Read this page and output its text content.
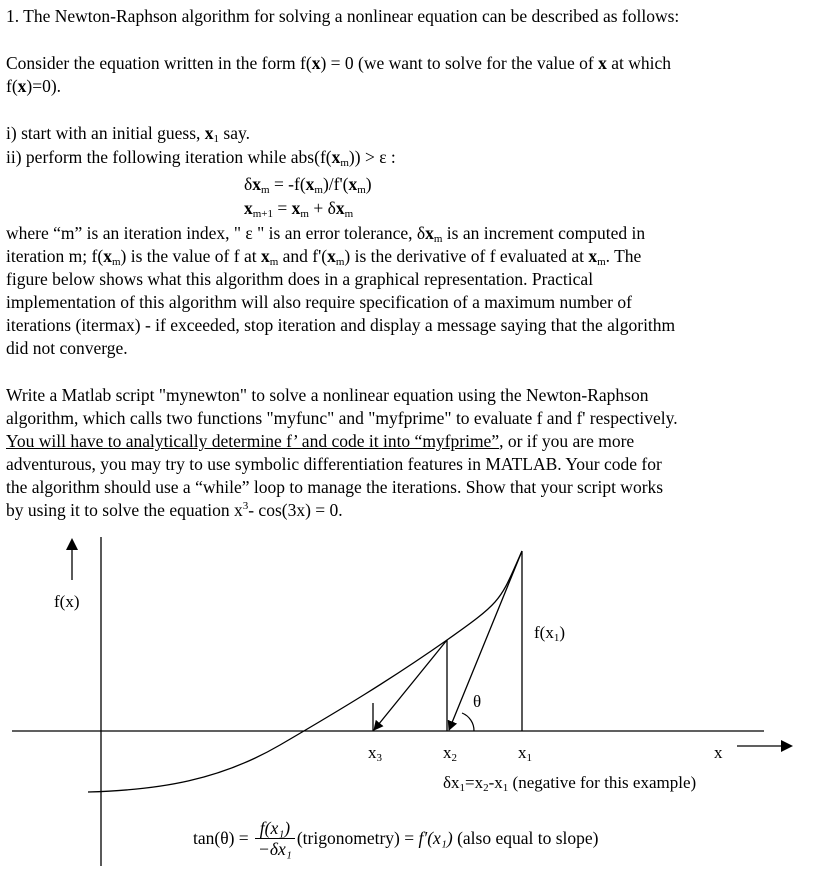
1. The Newton-Raphson algorithm for solving a nonlinear equation can be described as follows:
Consider the equation written in the form f(x) = 0 (we want to solve for the value of x at which
f(x)=0).
i) start with an initial guess, $x_1$ say.
ii) perform the following iteration while $abs(f(x_m)) > \varepsilon$ :
$\delta x_m = -f(x_m)/f'(x_m)$
$x_{m+1} = x_m + \delta x_m$
where “m” is an iteration index, " ε " is an error tolerance, $\delta x_m$ is an increment computed in
iteration m; $f(x_m)$ is the value of f at $x_m$ and $f'(x_m)$ is the derivative of f evaluated at $x_m$. The
figure below shows what this algorithm does in a graphical representation. Practical
implementation of this algorithm will also require specification of a maximum number of
iterations (itermax) - if exceeded, stop iteration and display a message saying that the algorithm
did not converge.
Write a Matlab script "mynewton" to solve a nonlinear equation using the Newton-Raphson
algorithm, which calls two functions "myfunc" and "myfprime" to evaluate f and f' respectively.
You will have to analytically determine f’ and code it into “myfprime”, or if you are more
adventurous, you may try to use symbolic differentiation features in MATLAB. Your code for
the algorithm should use a “while” loop to manage the iterations. Show that your script works
by using it to solve the equation $x^3-$ cos(3x) = 0.
f(x)
x
$f(x_1)$
θ
$x_3$	$x_2$	$x_1$
$\delta x_1=x_2-x_1$ (negative for this example)
$\tan(\theta) = \frac{\text{f(x₁)}}{\text{−δx₁}}$ (trigonometry) = f′(x₁) (also equal to slope)
